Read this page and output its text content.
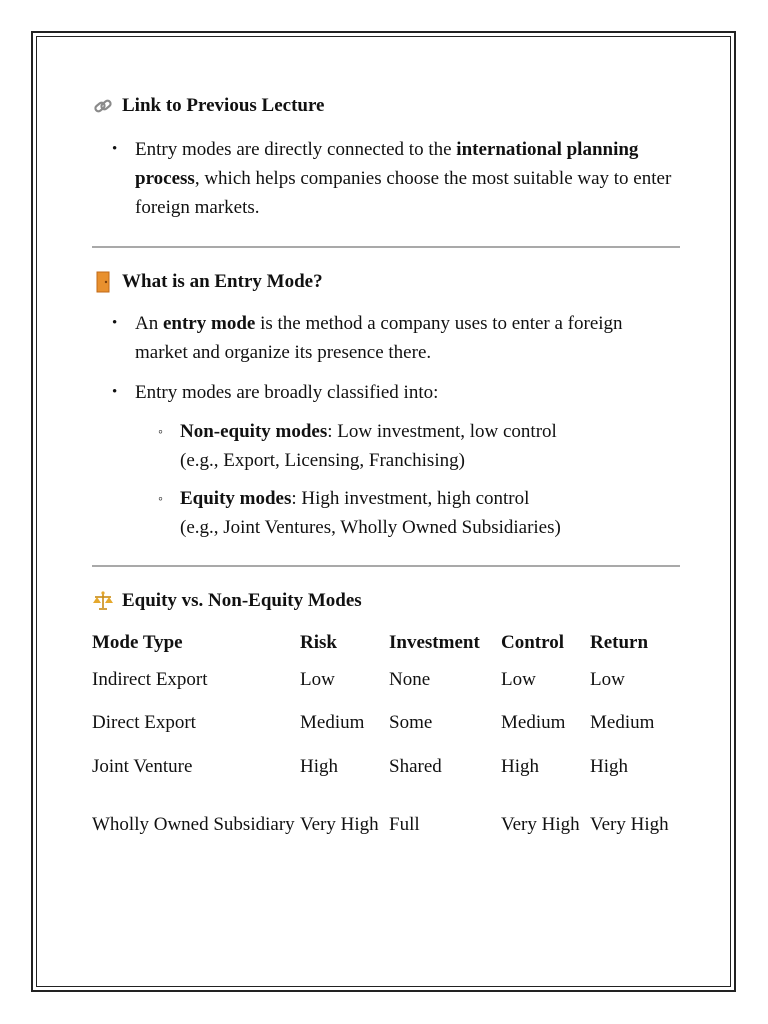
Link to Previous Lecture
• Entry modes are directly connected to the international planning process, which helps companies choose the most suitable way to enter foreign markets.
What is an Entry Mode?
• An entry mode is the method a company uses to enter a foreign market and organize its presence there.
• Entry modes are broadly classified into:
◦ Non-equity modes: Low investment, low control
(e.g., Export, Licensing, Franchising)
◦ Equity modes: High investment, high control
(e.g., Joint Ventures, Wholly Owned Subsidiaries)
Equity vs. Non-Equity Modes
Mode Type	Risk	Investment	Control	Return
Indirect Export	Low	None	Low	Low
Direct Export	Medium	Some	Medium	Medium
Joint Venture	High	Shared	High	High
Wholly Owned Subsidiary	Very High	Full	Very High	Very High
